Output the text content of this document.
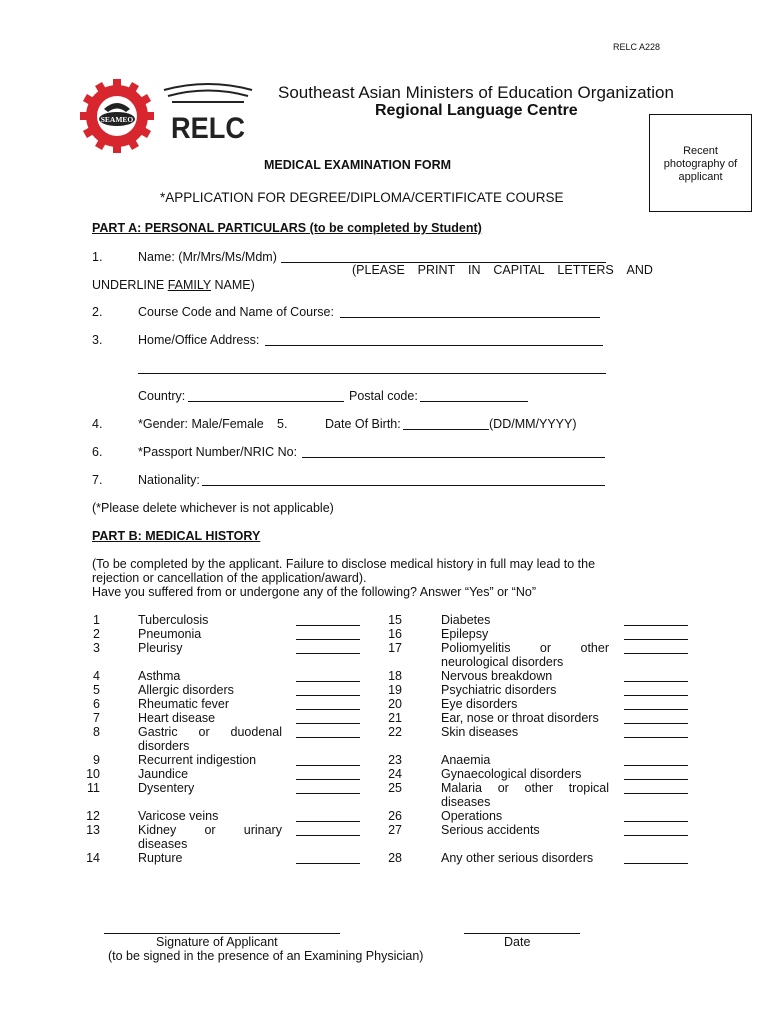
RELC A228
SEAMEO RELC
Southeast Asian Ministers of Education Organization
Regional Language Centre
Recent
photography of
applicant
MEDICAL EXAMINATION FORM
*APPLICATION FOR DEGREE/DIPLOMA/CERTIFICATE COURSE
PART A: PERSONAL PARTICULARS (to be completed by Student)
1.	Name: (Mr/Mrs/Ms/Mdm)
(PLEASE PRINT IN CAPITAL LETTERS AND
UNDERLINE FAMILY NAME)
2.	Course Code and Name of Course:
3.	Home/Office Address:
Country:	Postal code:
4.	*Gender: Male/Female 5.	Date Of Birth:	(DD/MM/YYYY)
6.	*Passport Number/NRIC No:
7.	Nationality:
(*Please delete whichever is not applicable)
PART B: MEDICAL HISTORY
(To be completed by the applicant. Failure to disclose medical history in full may lead to the
rejection or cancellation of the application/award).
Have you suffered from or undergone any of the following? Answer “Yes” or “No”
1	Tuberculosis
2	Pneumonia
3	Pleurisy
4	Asthma
5	Allergic disorders
6	Rheumatic fever
7	Heart disease
8	Gastric or duodenal
disorders
9	Recurrent indigestion
10	Jaundice
11	Dysentery
12	Varicose veins
13	Kidney or urinary
diseases
14	Rupture
15	Diabetes
16	Epilepsy
17	Poliomyelitis or other
neurological disorders
18	Nervous breakdown
19	Psychiatric disorders
20	Eye disorders
21	Ear, nose or throat disorders
22	Skin diseases
23	Anaemia
24	Gynaecological disorders
25	Malaria or other tropical
diseases
26	Operations
27	Serious accidents
28	Any other serious disorders
Signature of Applicant
(to be signed in the presence of an Examining Physician)
Date
